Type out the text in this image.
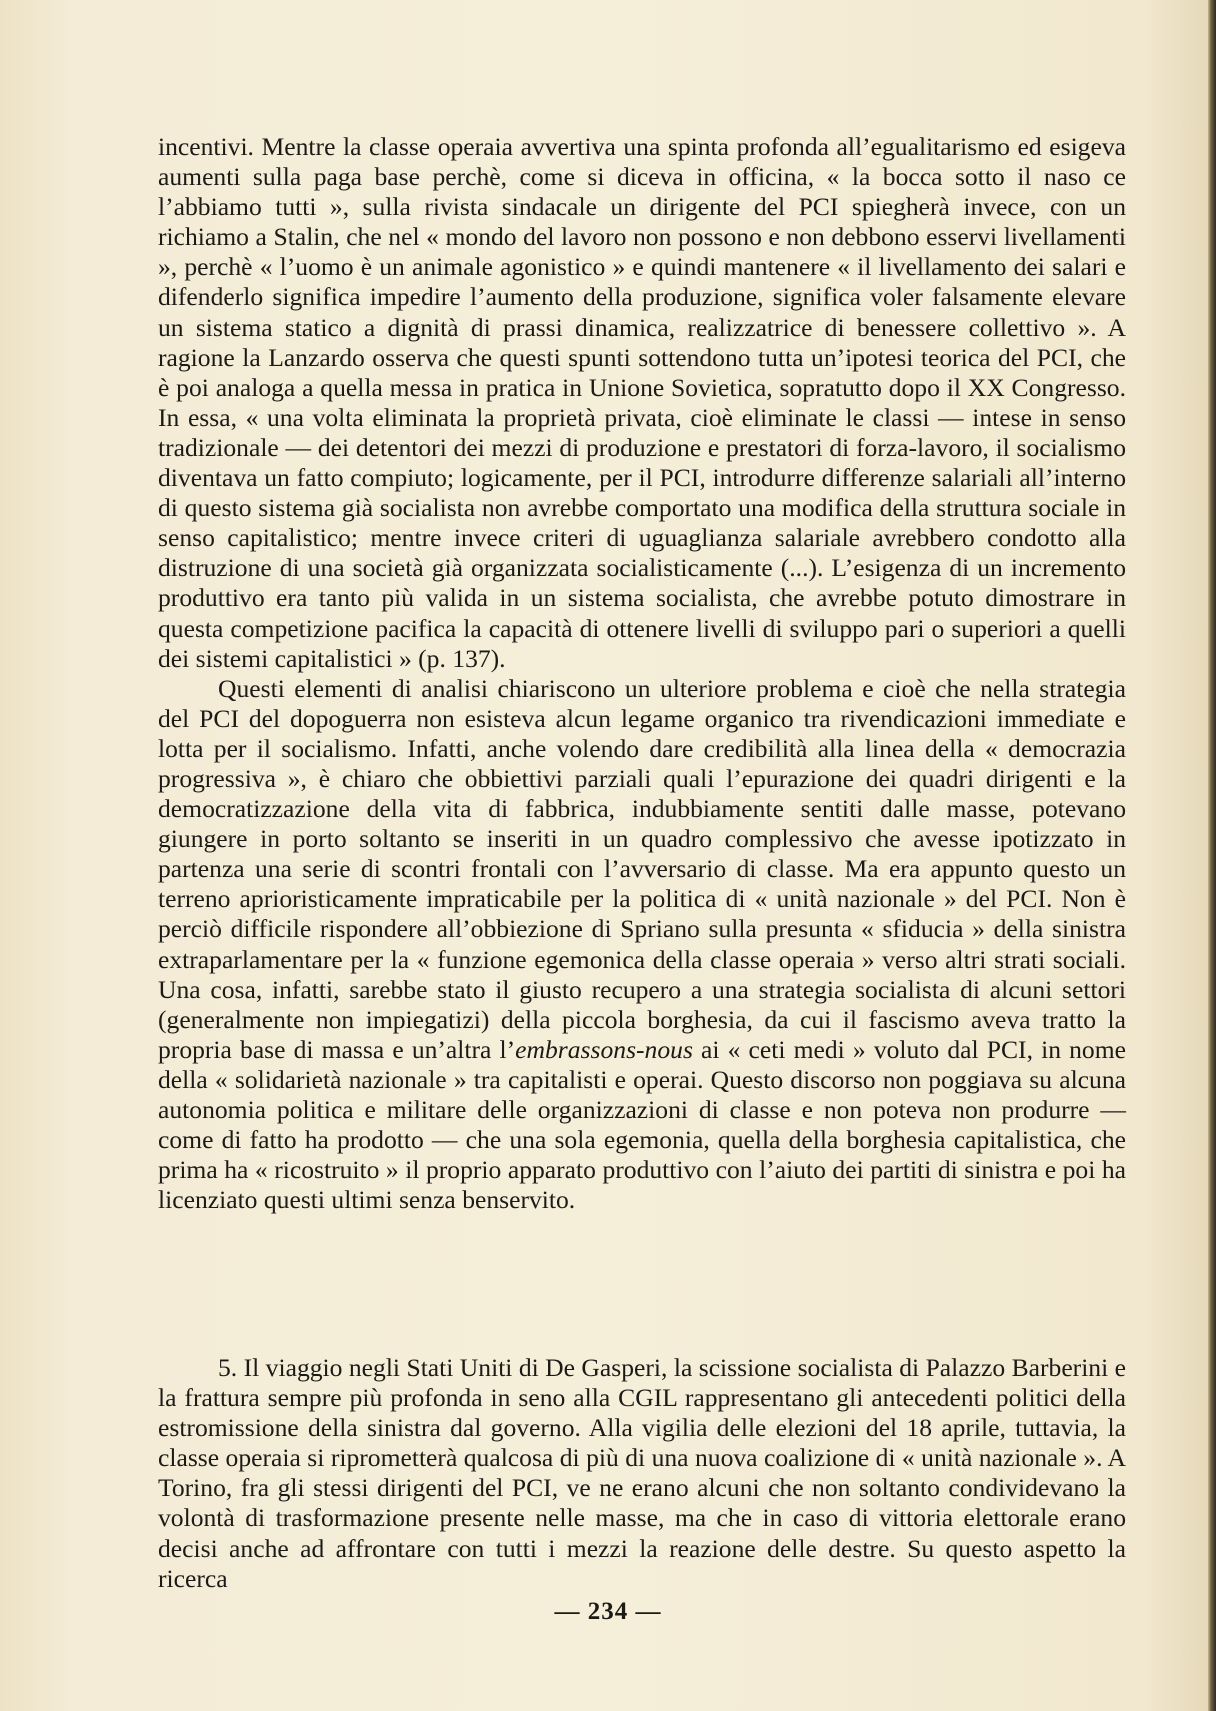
incentivi. Mentre la classe operaia avvertiva una spinta profonda all’egualitarismo ed esigeva aumenti sulla paga base perchè, come si diceva in officina, « la bocca sotto il naso ce l’abbiamo tutti », sulla rivista sindacale un dirigente del PCI spiegherà invece, con un richiamo a Stalin, che nel « mondo del lavoro non possono e non debbono esservi livellamenti », perchè « l’uomo è un animale agonistico » e quindi mantenere « il livellamento dei salari e difenderlo significa impedire l’aumento della produzione, significa voler falsamente elevare un sistema statico a dignità di prassi dinamica, realizzatrice di benessere collettivo ». A ragione la Lanzardo osserva che questi spunti sottendono tutta un’ipotesi teorica del PCI, che è poi analoga a quella messa in pratica in Unione Sovietica, sopratutto dopo il XX Congresso. In essa, « una volta eliminata la proprietà privata, cioè eliminate le classi — intese in senso tradizionale — dei detentori dei mezzi di produzione e prestatori di forza-lavoro, il socialismo diventava un fatto compiuto; logicamente, per il PCI, introdurre differenze salariali all’interno di questo sistema già socialista non avrebbe comportato una modifica della struttura sociale in senso capitalistico; mentre invece criteri di uguaglianza salariale avrebbero condotto alla distruzione di una società già organizzata socialisticamente (...). L’esigenza di un incremento produttivo era tanto più valida in un sistema socialista, che avrebbe potuto dimostrare in questa competizione pacifica la capacità di ottenere livelli di sviluppo pari o superiori a quelli dei sistemi capitalistici » (p. 137).

Questi elementi di analisi chiariscono un ulteriore problema e cioè che nella strategia del PCI del dopoguerra non esisteva alcun legame organico tra rivendicazioni immediate e lotta per il socialismo. Infatti, anche volendo dare credibilità alla linea della « democrazia progressiva », è chiaro che obbiettivi parziali quali l’epurazione dei quadri dirigenti e la democratizzazione della vita di fabbrica, indubbiamente sentiti dalle masse, potevano giungere in porto soltanto se inseriti in un quadro complessivo che avesse ipotizzato in partenza una serie di scontri frontali con l’avversario di classe. Ma era appunto questo un terreno aprioristicamente impraticabile per la politica di « unità nazionale » del PCI. Non è perciò difficile rispondere all’obbiezione di Spriano sulla presunta « sfiducia » della sinistra extraparlamentare per la « funzione egemonica della classe operaia » verso altri strati sociali. Una cosa, infatti, sarebbe stato il giusto recupero a una strategia socialista di alcuni settori (generalmente non impiegatizi) della piccola borghesia, da cui il fascismo aveva tratto la propria base di massa e un’altra l’embrassons-nous ai « ceti medi » voluto dal PCI, in nome della « solidarietà nazionale » tra capitalisti e operai. Questo discorso non poggiava su alcuna autonomia politica e militare delle organizzazioni di classe e non poteva non produrre — come di fatto ha prodotto — che una sola egemonia, quella della borghesia capitalistica, che prima ha « ricostruito » il proprio apparato produttivo con l’aiuto dei partiti di sinistra e poi ha licenziato questi ultimi senza benservito.

5. Il viaggio negli Stati Uniti di De Gasperi, la scissione socialista di Palazzo Barberini e la frattura sempre più profonda in seno alla CGIL rappresentano gli antecedenti politici della estromissione della sinistra dal governo. Alla vigilia delle elezioni del 18 aprile, tuttavia, la classe operaia si riprometterà qualcosa di più di una nuova coalizione di « unità nazionale ». A Torino, fra gli stessi dirigenti del PCI, ve ne erano alcuni che non soltanto condividevano la volontà di trasformazione presente nelle masse, ma che in caso di vittoria elettorale erano decisi anche ad affrontare con tutti i mezzi la reazione delle destre. Su questo aspetto la ricerca

— 234 —
